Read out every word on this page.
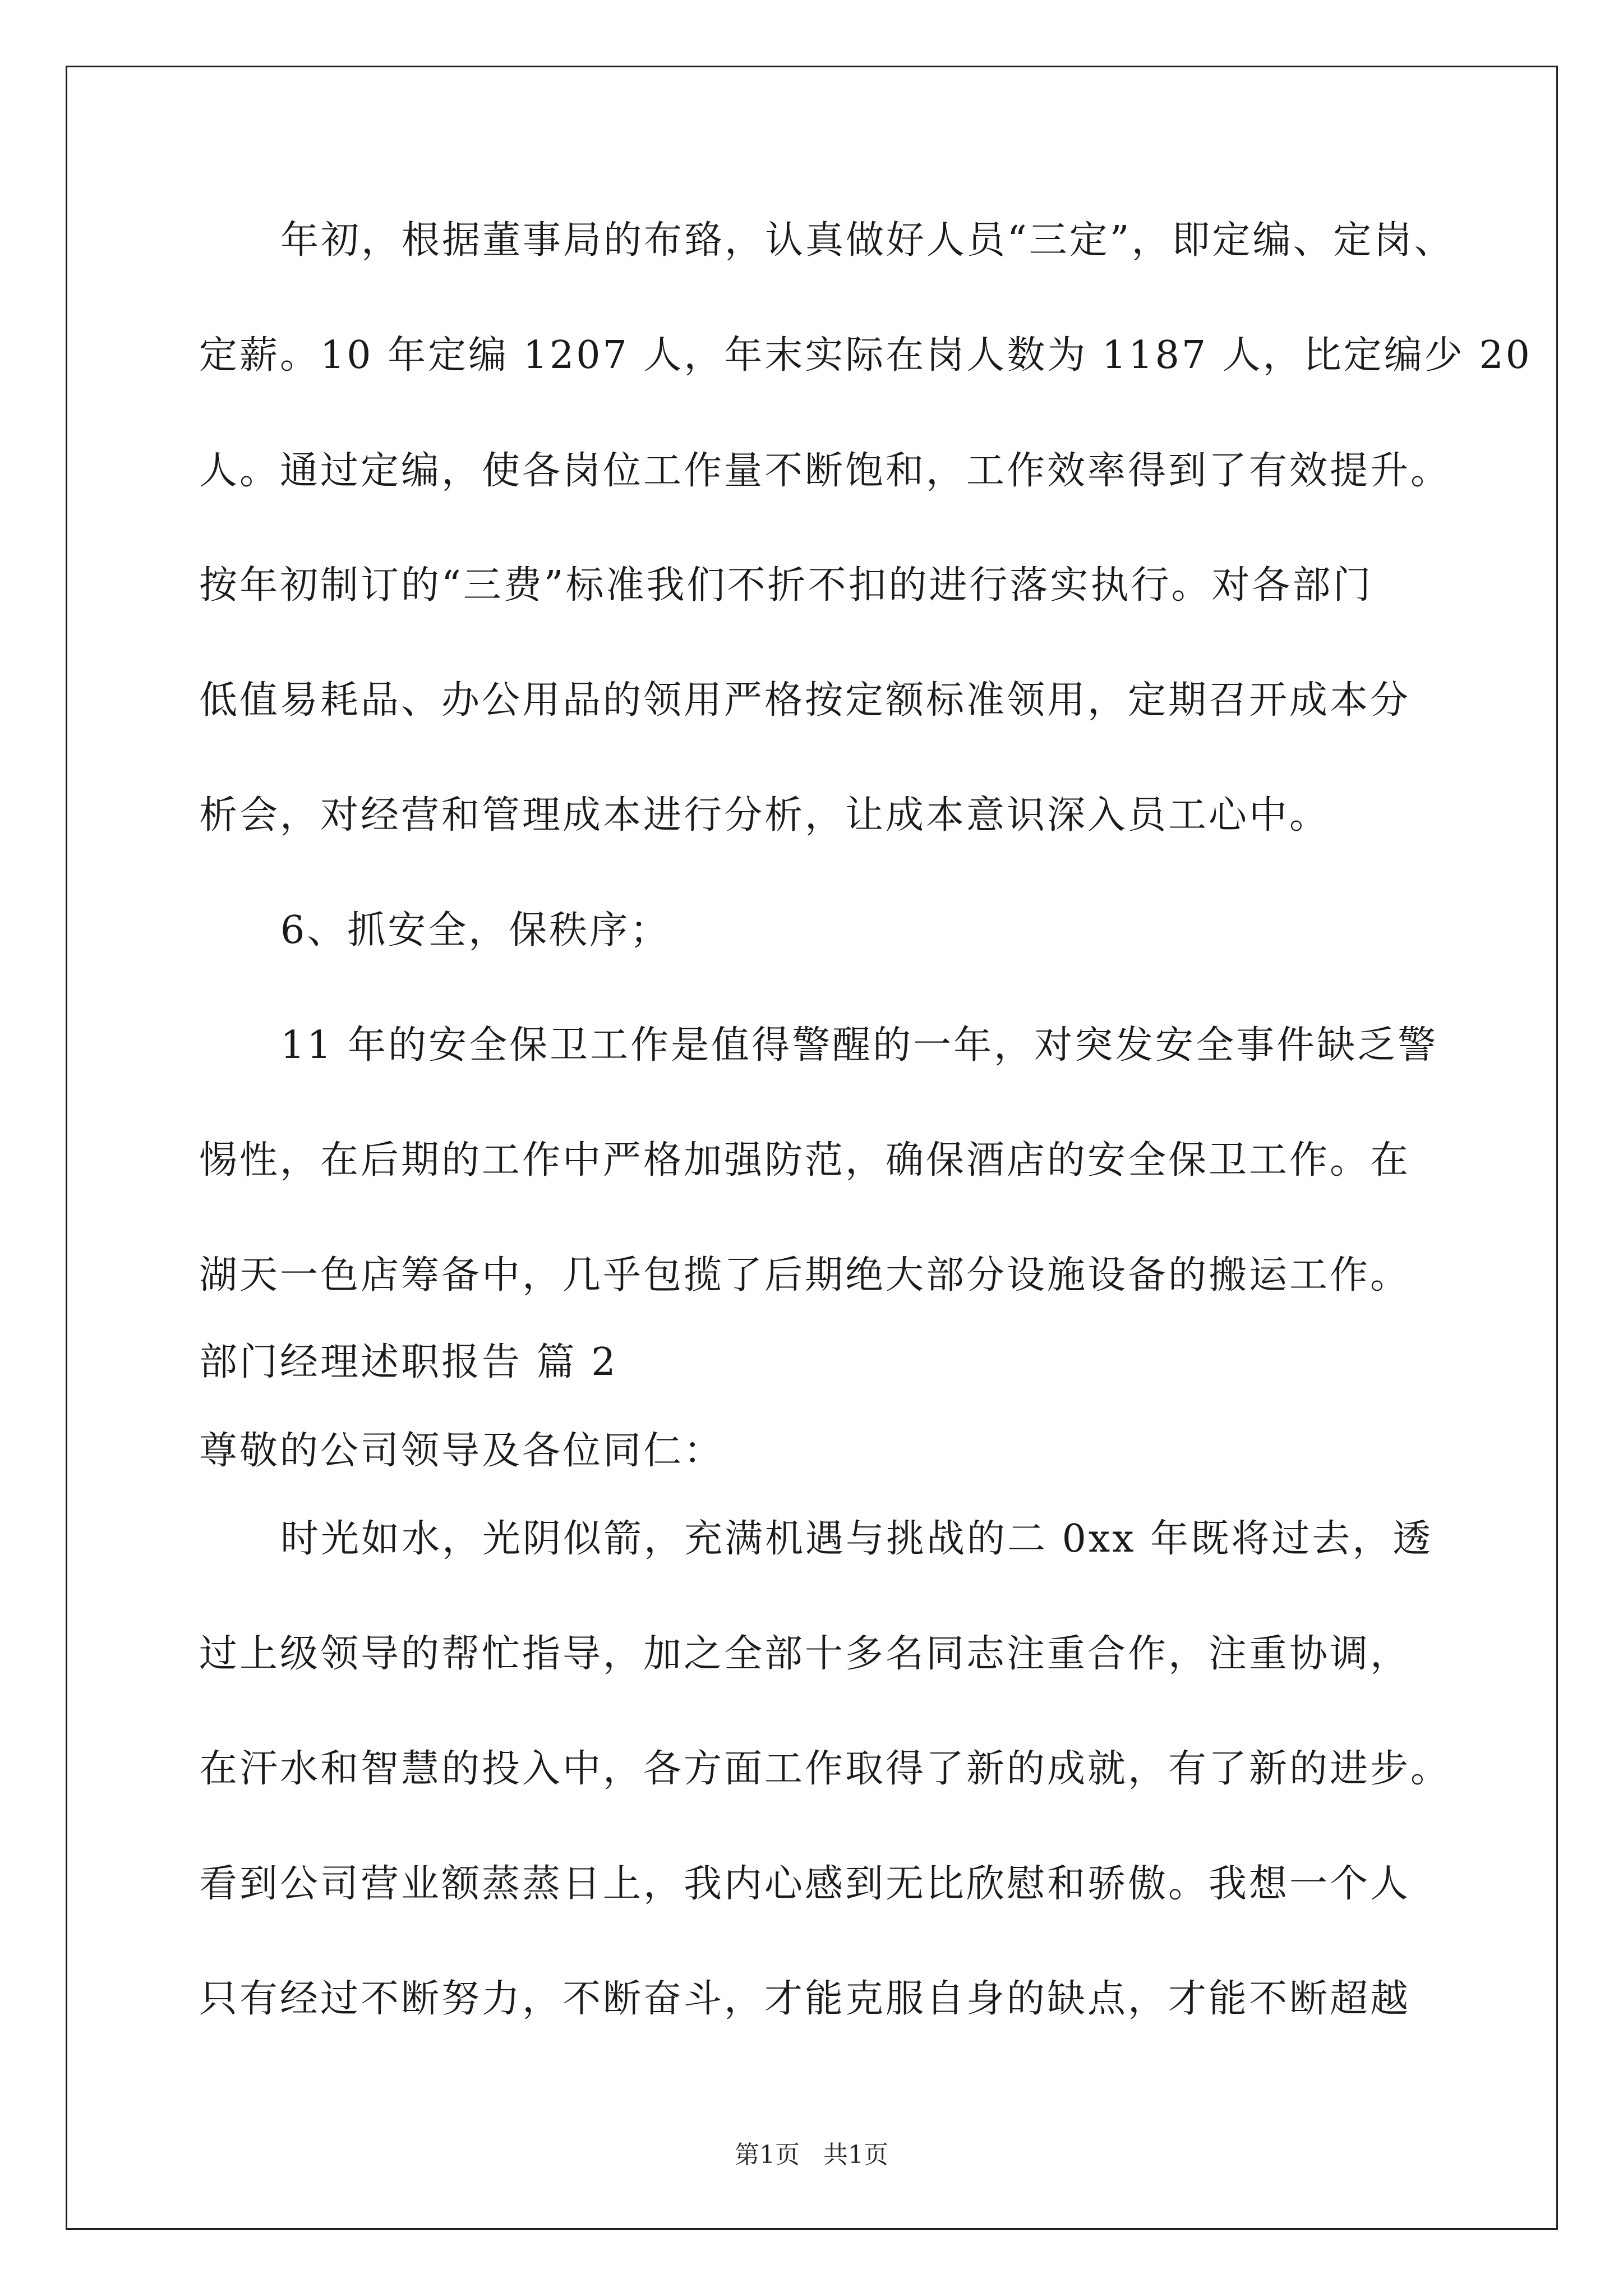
年初，根据董事局的布臵，认真做好人员“三定”，即定编、定岗、
定薪。10 年定编 1207 人，年末实际在岗人数为 1187 人，比定编少 20
人。通过定编，使各岗位工作量不断饱和，工作效率得到了有效提升。
按年初制订的“三费”标准我们不折不扣的进行落实执行。对各部门
低值易耗品、办公用品的领用严格按定额标准领用，定期召开成本分
析会，对经营和管理成本进行分析，让成本意识深入员工心中。
6、抓安全，保秩序；
11 年的安全保卫工作是值得警醒的一年，对突发安全事件缺乏警
惕性，在后期的工作中严格加强防范，确保酒店的安全保卫工作。在
湖天一色店筹备中，几乎包揽了后期绝大部分设施设备的搬运工作。
部门经理述职报告 篇 2
尊敬的公司领导及各位同仁：
时光如水，光阴似箭，充满机遇与挑战的二 0xx 年既将过去，透
过上级领导的帮忙指导，加之全部十多名同志注重合作，注重协调，
在汗水和智慧的投入中，各方面工作取得了新的成就，有了新的进步。
看到公司营业额蒸蒸日上，我内心感到无比欣慰和骄傲。我想一个人
只有经过不断努力，不断奋斗，才能克服自身的缺点，才能不断超越
第1页 共1页
